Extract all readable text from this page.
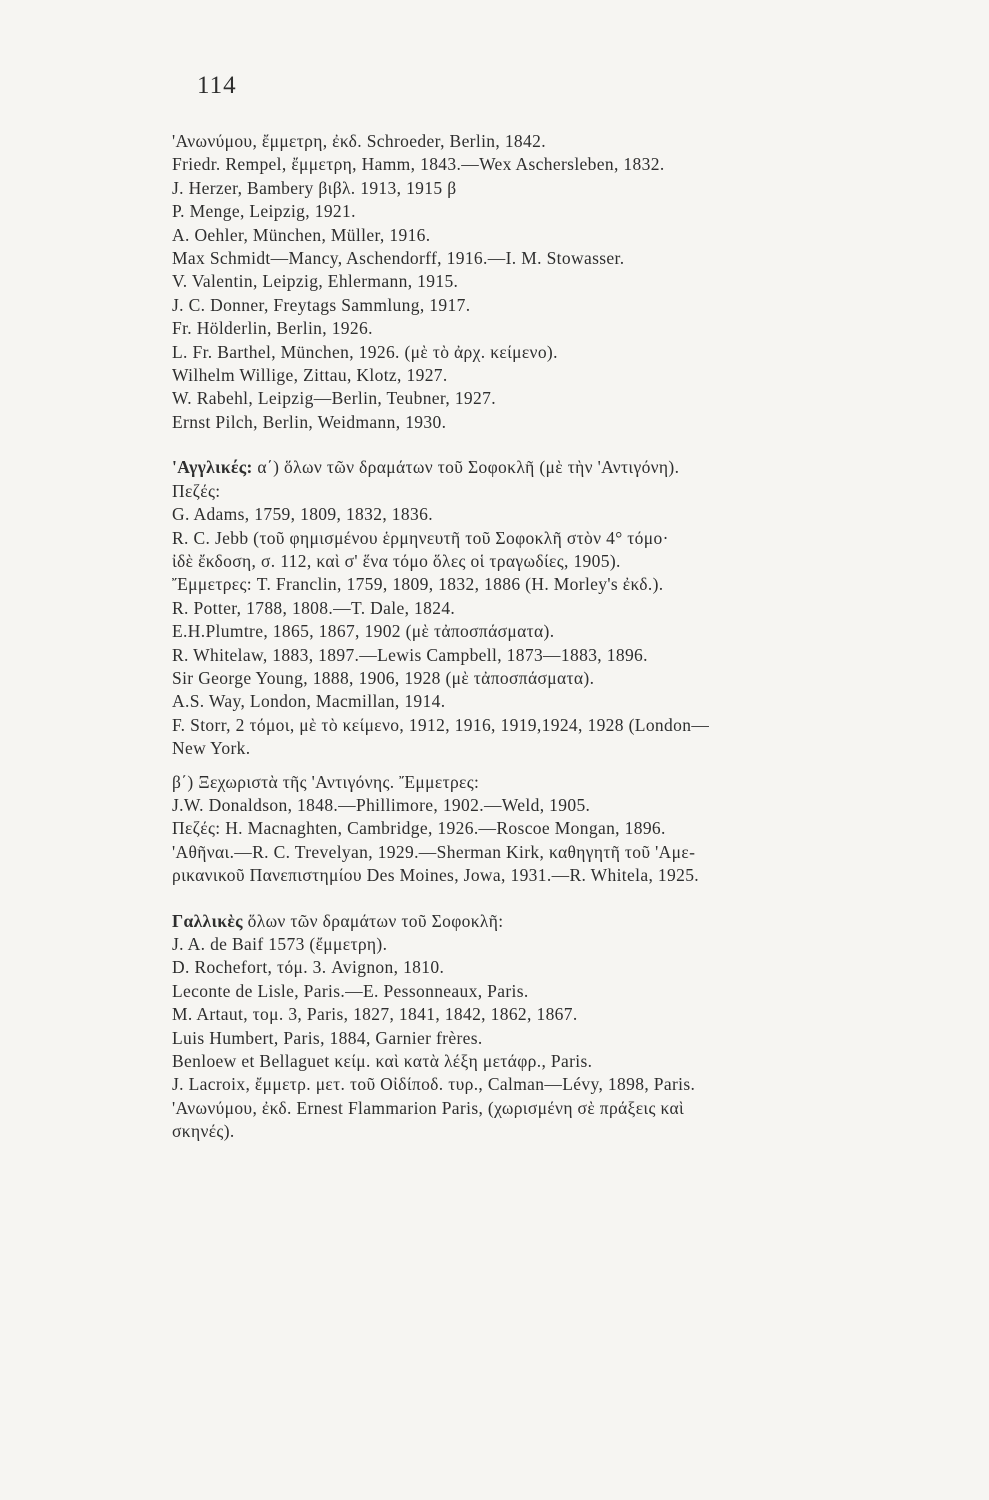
114
'Ανωνύμου, ἔμμετρη, ἐκδ. Schroeder, Berlin, 1842.
Friedr. Rempel, ἔμμετρη, Hamm, 1843.—Wex Aschersleben, 1832.
J. Herzer, Bambery βιβλ. 1913, 1915 β
P. Menge, Leipzig, 1921.
A. Oehler, München, Müller, 1916.
Max Schmidt—Mancy, Aschendorff, 1916.—I. M. Stowasser.
V. Valentin, Leipzig, Ehlermann, 1915.
J. C. Donner, Freytags Sammlung, 1917.
Fr. Hölderlin, Berlin, 1926.
L. Fr. Barthel, München, 1926. (μὲ τὸ ἀρχ. κείμενο).
Wilhelm Willige, Zittau, Klotz, 1927.
W. Rabehl, Leipzig—Berlin, Teubner, 1927.
Ernst Pilch, Berlin, Weidmann, 1930.
'Αγγλικές: α΄) ὅλων τῶν δραμάτων τοῦ Σοφοκλῆ (μὲ τὴν 'Αντιγόνη).
Πεζές:
G. Adams, 1759, 1809, 1832, 1836.
R. C. Jebb (τοῦ φημισμένου ἑρμηνευτῆ τοῦ Σοφοκλῆ στὸν 4° τόμο·
ἰδὲ ἔκδοση, σ. 112, καὶ σ' ἕνα τόμο ὅλες οἱ τραγωδίες, 1905).
Ἔμμετρες: T. Franclin, 1759, 1809, 1832, 1886 (H. Morley's ἐκδ.).
R. Potter, 1788, 1808.—T. Dale, 1824.
E.H.Plumtre, 1865, 1867, 1902 (μὲ τἀποσπάσματα).
R. Whitelaw, 1883, 1897.—Lewis Campbell, 1873—1883, 1896.
Sir George Young, 1888, 1906, 1928 (μὲ τἀποσπάσματα).
A.S. Way, London, Macmillan, 1914.
F. Storr, 2 τόμοι, μὲ τὸ κείμενο, 1912, 1916, 1919,1924, 1928 (London—
New York.
β΄) Ξεχωριστὰ τῆς 'Αντιγόνης. Ἔμμετρες:
J.W. Donaldson, 1848.—Phillimore, 1902.—Weld, 1905.
Πεζές: H. Macnaghten, Cambridge, 1926.—Roscoe Mongan, 1896.
'Αθῆναι.—R. C. Trevelyan, 1929.—Sherman Kirk, καθηγητῆ τοῦ 'Αμε-
ρικανικοῦ Πανεπιστημίου Des Moines, Jowa, 1931.—R. Whitela, 1925.
Γαλλικὲς ὅλων τῶν δραμάτων τοῦ Σοφοκλῆ:
J. A. de Baif 1573 (ἔμμετρη).
D. Rochefort, τόμ. 3. Avignon, 1810.
Leconte de Lisle, Paris.—E. Pessonneaux, Paris.
M. Artaut, τομ. 3, Paris, 1827, 1841, 1842, 1862, 1867.
Luis Humbert, Paris, 1884, Garnier frères.
Benloew et Bellaguet κείμ. καὶ κατὰ λέξη μετάφρ., Paris.
J. Lacroix, ἔμμετρ. μετ. τοῦ Οἰδίποδ. τυρ., Calman—Lévy, 1898, Paris.
'Ανωνύμου, ἐκδ. Ernest Flammarion Paris, (χωρισμένη σὲ πράξεις καὶ
σκηνές).
